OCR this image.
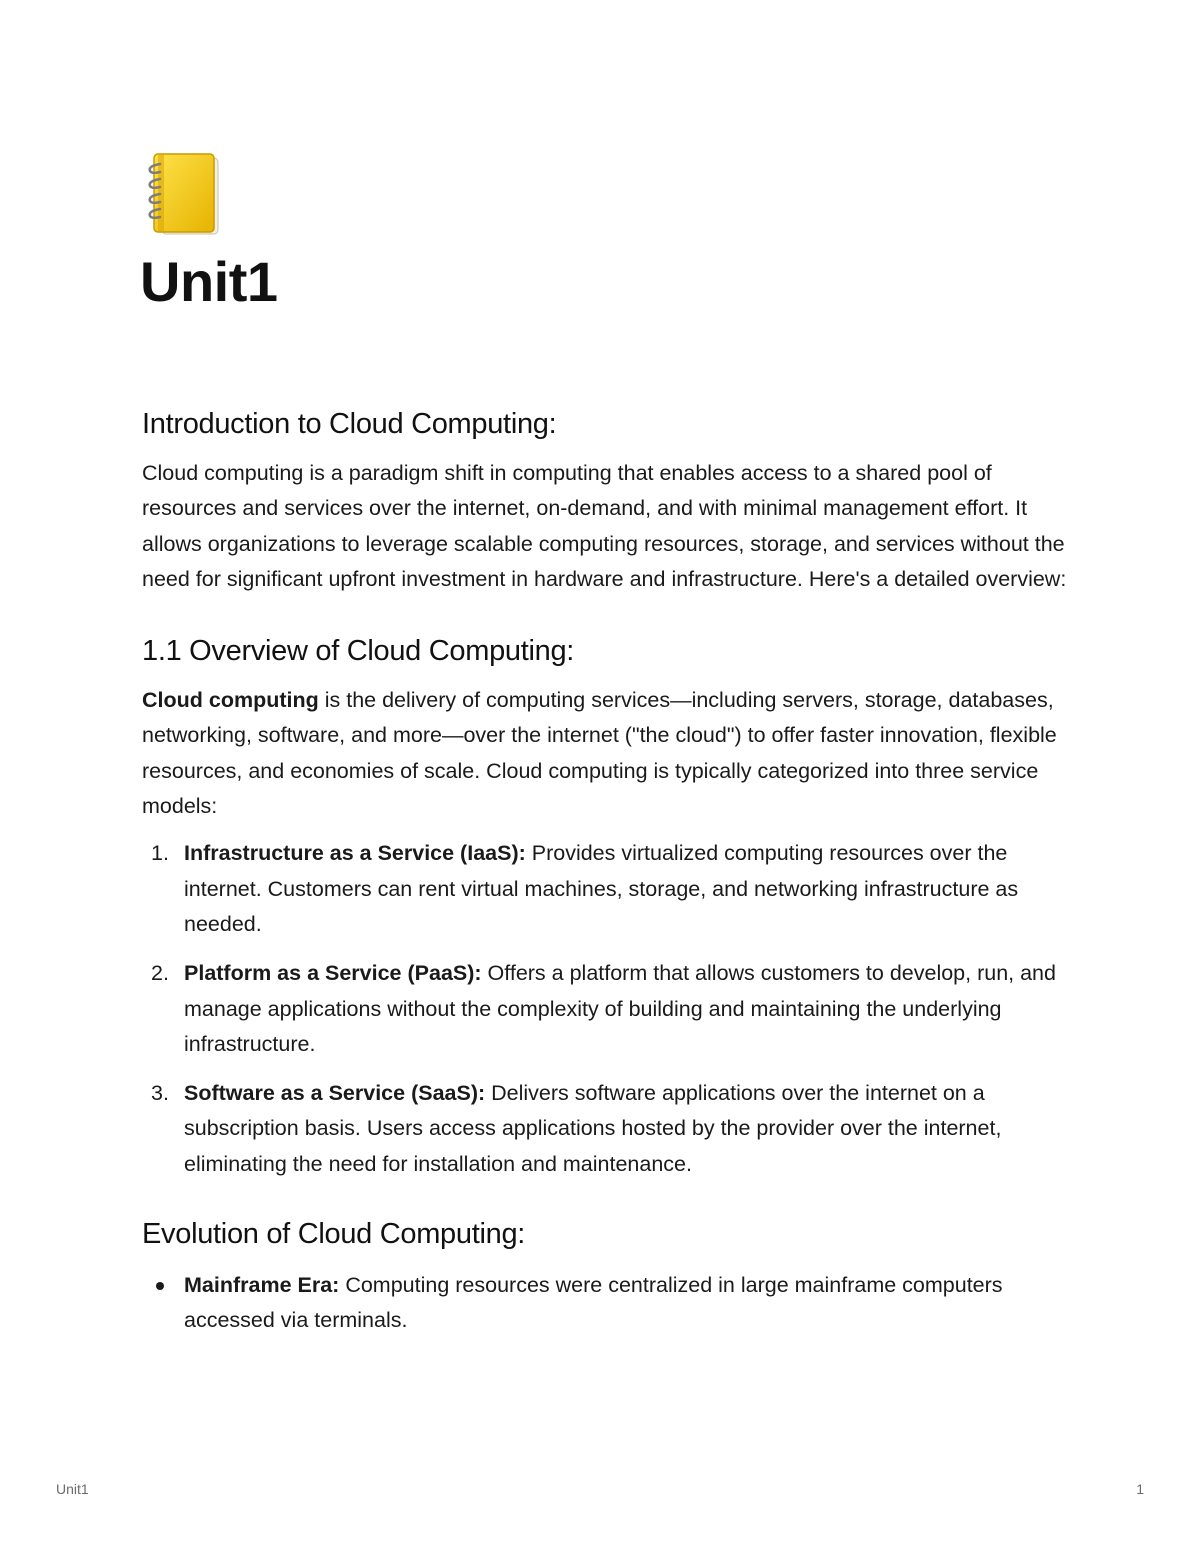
Unit1
Introduction to Cloud Computing:

Cloud computing is a paradigm shift in computing that enables access to a shared pool of resources and services over the internet, on-demand, and with minimal management effort. It allows organizations to leverage scalable computing resources, storage, and services without the need for significant upfront investment in hardware and infrastructure. Here's a detailed overview:

1.1 Overview of Cloud Computing:

Cloud computing is the delivery of computing services—including servers, storage, databases, networking, software, and more—over the internet ("the cloud") to offer faster innovation, flexible resources, and economies of scale. Cloud computing is typically categorized into three service models:

1. Infrastructure as a Service (IaaS): Provides virtualized computing resources over the internet. Customers can rent virtual machines, storage, and networking infrastructure as needed.
2. Platform as a Service (PaaS): Offers a platform that allows customers to develop, run, and manage applications without the complexity of building and maintaining the underlying infrastructure.
3. Software as a Service (SaaS): Delivers software applications over the internet on a subscription basis. Users access applications hosted by the provider over the internet, eliminating the need for installation and maintenance.
Evolution of Cloud Computing:
Mainframe Era: Computing resources were centralized in large mainframe computers accessed via terminals.
Unit1	1
